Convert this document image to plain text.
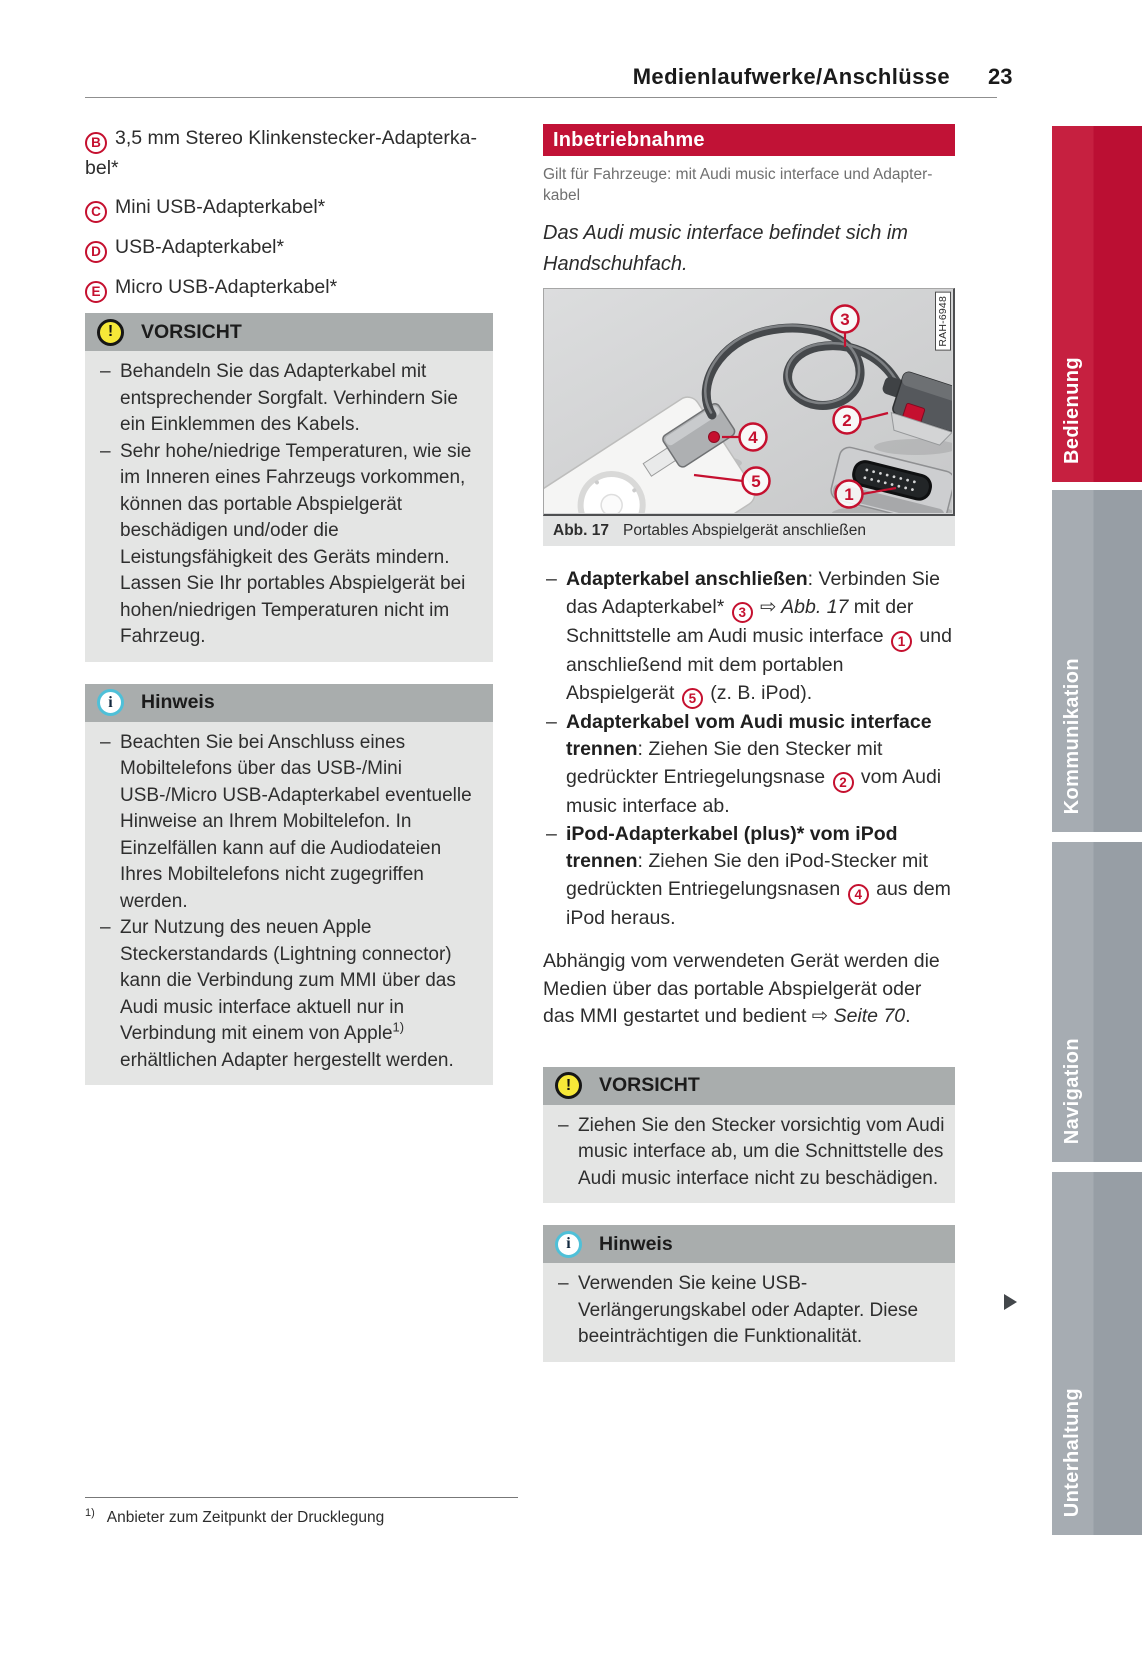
Medienlaufwerke/Anschlüsse 23
B 3,5 mm Stereo Klinkenstecker-Adapterka-
bel*
C Mini USB-Adapterkabel*
D USB-Adapterkabel*
E Micro USB-Adapterkabel*
!	VORSICHT
– Behandeln Sie das Adapterkabel mit entsprechender Sorgfalt. Verhindern Sie ein Einklemmen des Kabels.
– Sehr hohe/niedrige Temperaturen, wie sie im Inneren eines Fahrzeugs vorkommen, können das portable Abspielgerät beschädigen und/oder die Leistungsfähigkeit des Geräts mindern. Lassen Sie Ihr portables Abspielgerät bei hohen/niedrigen Temperaturen nicht im Fahrzeug.
i	Hinweis
– Beachten Sie bei Anschluss eines Mobiltelefons über das USB-/Mini USB-/Micro USB-Adapterkabel eventuelle Hinweise an Ihrem Mobiltelefon. In Einzelfällen kann auf die Audiodateien Ihres Mobiltelefons nicht zugegriffen werden.
– Zur Nutzung des neuen Apple Steckerstandards (Lightning connector) kann die Verbindung zum MMI über das Audi music interface aktuell nur in Verbindung mit einem von Apple$^{1)}$ erhältlichen Adapter hergestellt werden.
$^{1)}$ Anbieter zum Zeitpunkt der Drucklegung
Inbetriebnahme
Gilt für Fahrzeuge: mit Audi music interface und Adapter-
kabel
Das Audi music interface befindet sich im Handschuhfach.
3
2
4
5
1
RAH-6948
Abb. 17 Portables Abspielgerät anschließen
– Adapterkabel anschließen: Verbinden Sie das Adapterkabel* 3 ⇨ Abb. 17 mit der Schnittstelle am Audi music interface 1 und anschließend mit dem portablen Abspielgerät 5 (z. B. iPod).
– Adapterkabel vom Audi music interface trennen: Ziehen Sie den Stecker mit gedrückter Entriegelungsnase 2 vom Audi music interface ab.
– iPod-Adapterkabel (plus)* vom iPod trennen: Ziehen Sie den iPod-Stecker mit gedrückten Entriegelungsnasen 4 aus dem iPod heraus.
Abhängig vom verwendeten Gerät werden die Medien über das portable Abspielgerät oder das MMI gestartet und bedient ⇨ Seite 70.
!	VORSICHT
– Ziehen Sie den Stecker vorsichtig vom Audi music interface ab, um die Schnittstelle des Audi music interface nicht zu beschädigen.
i	Hinweis
– Verwenden Sie keine USB-Verlängerungskabel oder Adapter. Diese beeinträchtigen die Funktionalität.
Bedienung
Kommunikation
Navigation
Unterhaltung
